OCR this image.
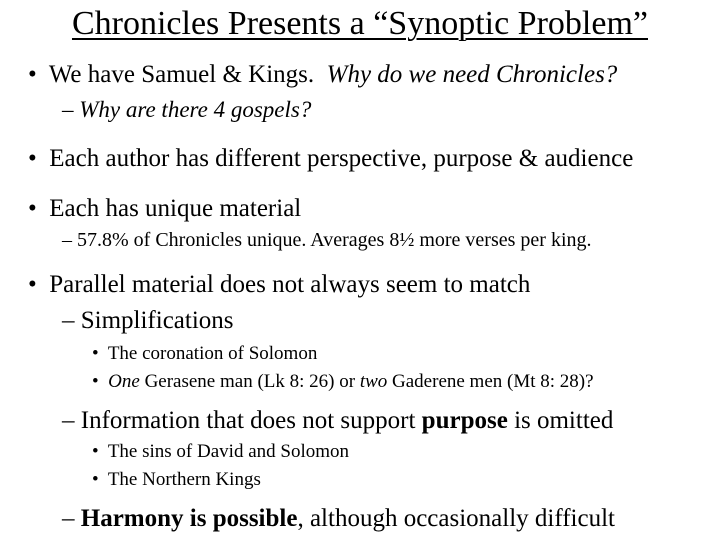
Chronicles Presents a “Synoptic Problem”
• We have Samuel & Kings. Why do we need Chronicles?
– Why are there 4 gospels?
• Each author has different perspective, purpose & audience
• Each has unique material
– 57.8% of Chronicles unique. Averages 8½ more verses per king.
• Parallel material does not always seem to match
– Simplifications
• The coronation of Solomon
• One Gerasene man (Lk 8: 26) or two Gaderene men (Mt 8: 28)?
– Information that does not support purpose is omitted
• The sins of David and Solomon
• The Northern Kings
– Harmony is possible, although occasionally difficult
